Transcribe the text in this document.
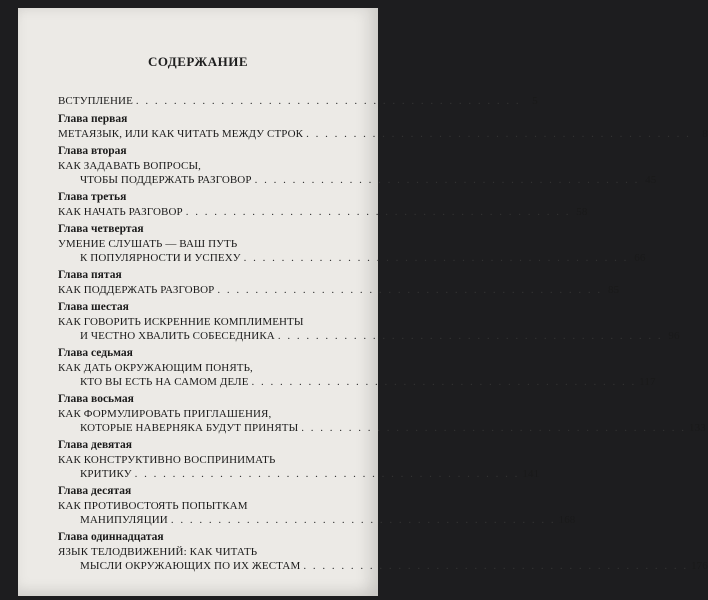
СОДЕРЖАНИЕ
ВСТУПЛЕНИЕ . . .	5
Глава первая
МЕТАЯЗЫК, ИЛИ КАК ЧИТАТЬ МЕЖДУ СТРОК . . .	8
Глава вторая
КАК ЗАДАВАТЬ ВОПРОСЫ,
ЧТОБЫ ПОДДЕРЖАТЬ РАЗГОВОР . . .	45
Глава третья
КАК НАЧАТЬ РАЗГОВОР . . .	58
Глава четвертая
УМЕНИЕ СЛУШАТЬ — ВАШ ПУТЬ
К ПОПУЛЯРНОСТИ И УСПЕХУ . . .	66
Глава пятая
КАК ПОДДЕРЖАТЬ РАЗГОВОР . . .	85
Глава шестая
КАК ГОВОРИТЬ ИСКРЕННИЕ КОМПЛИМЕНТЫ
И ЧЕСТНО ХВАЛИТЬ СОБЕСЕДНИКА . . .	96
Глава седьмая
КАК ДАТЬ ОКРУЖАЮЩИМ ПОНЯТЬ,
КТО ВЫ ЕСТЬ НА САМОМ ДЕЛЕ . . .	117
Глава восьмая
КАК ФОРМУЛИРОВАТЬ ПРИГЛАШЕНИЯ,
КОТОРЫЕ НАВЕРНЯКА БУДУТ ПРИНЯТЫ . . .	133
Глава девятая
КАК КОНСТРУКТИВНО ВОСПРИНИМАТЬ
КРИТИКУ . . .	141
Глава десятая
КАК ПРОТИВОСТОЯТЬ ПОПЫТКАМ
МАНИПУЛЯЦИИ . . .	168
Глава одиннадцатая
ЯЗЫК ТЕЛОДВИЖЕНИЙ: КАК ЧИТАТЬ
МЫСЛИ ОКРУЖАЮЩИХ ПО ИХ ЖЕСТАМ . . .	176
